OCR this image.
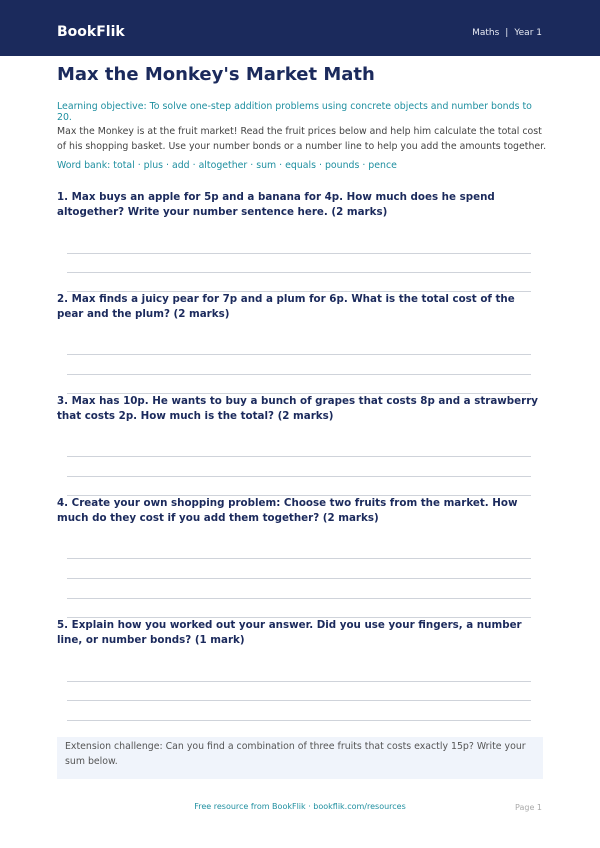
BookFlik	Maths | Year 1
Max the Monkey's Market Math
Learning objective: To solve one-step addition problems using concrete objects and number bonds to 20.
Max the Monkey is at the fruit market! Read the fruit prices below and help him calculate the total cost of his shopping basket. Use your number bonds or a number line to help you add the amounts together.
Word bank: total · plus · add · altogether · sum · equals · pounds · pence
1. Max buys an apple for 5p and a banana for 4p. How much does he spend altogether? Write your number sentence here. (2 marks)
2. Max finds a juicy pear for 7p and a plum for 6p. What is the total cost of the pear and the plum? (2 marks)
3. Max has 10p. He wants to buy a bunch of grapes that costs 8p and a strawberry that costs 2p. How much is the total? (2 marks)
4. Create your own shopping problem: Choose two fruits from the market. How much do they cost if you add them together? (2 marks)
5. Explain how you worked out your answer. Did you use your fingers, a number line, or number bonds? (1 mark)
Extension challenge: Can you find a combination of three fruits that costs exactly 15p? Write your sum below.
Free resource from BookFlik · bookflik.com/resources	Page 1
